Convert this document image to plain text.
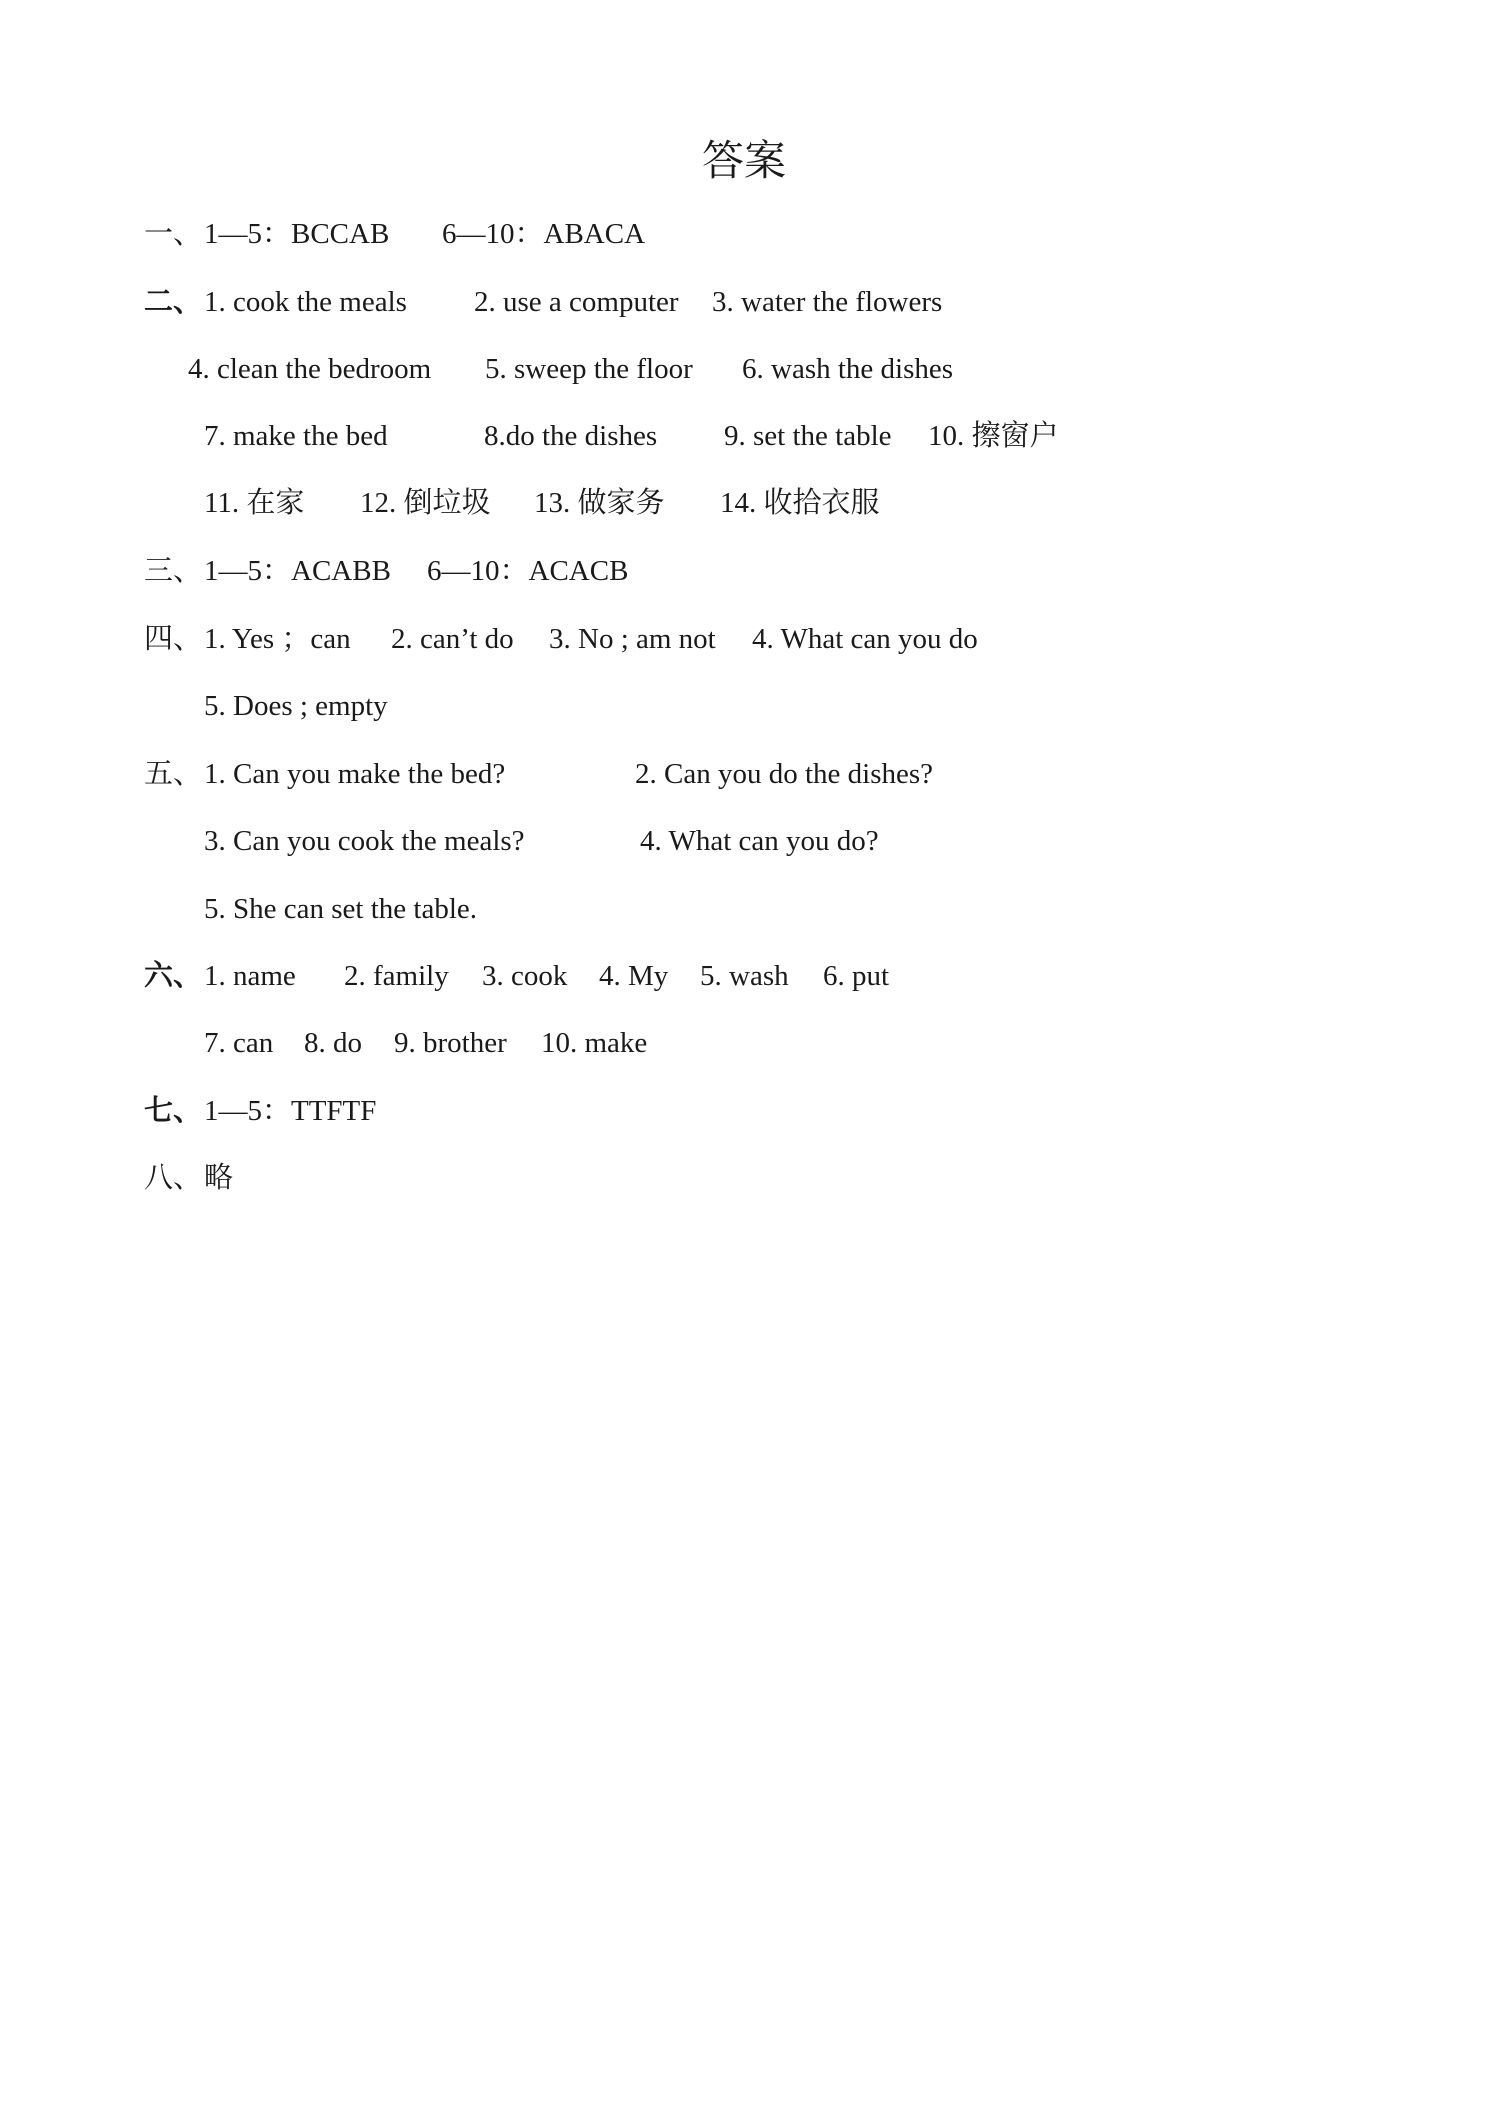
答案
一、 1—5：BCCAB 6—10：ABACA
二、 1. cook the meals 2. use a computer 3. water the flowers
4. clean the bedroom 5. sweep the floor 6. wash the dishes
7. make the bed	8.do the dishes 9. set the table 10. 擦窗户
11. 在家 12. 倒垃圾 13. 做家务 14. 收拾衣服
三、 1—5：ACABB 6—10：ACACB
四、 1. Yes ；can 2. can’t do 3. No ; am not 4. What can you do
5. Does ; empty
五、 1. Can you make the bed?	2. Can you do the dishes?
3. Can you cook the meals?	4. What can you do?
5. She can set the table.
六、 1. name 2. family 3. cook 4. My 5. wash 6. put
7. can 8. do 9. brother 10. make
七、 1—5：TTFTF
八、 略
